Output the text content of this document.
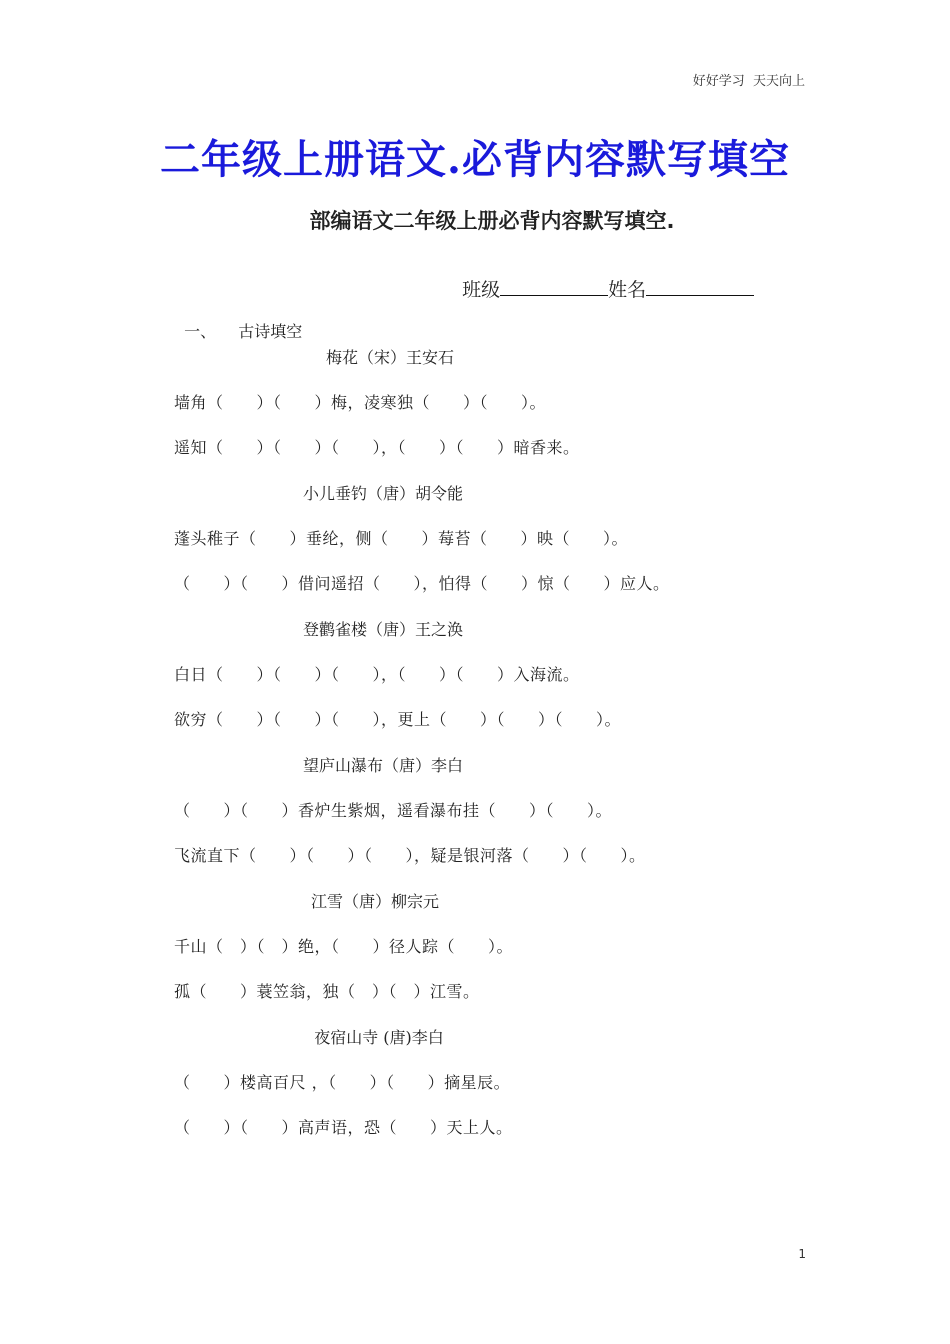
好好学习  天天向上
二年级上册语文.必背内容默写填空
部编语文二年级上册必背内容默写填空.

班级	姓名

一、 古诗填空

梅花（宋）王安石
墙角（　　）（　　）梅，凌寒独（　　）（　　）。
遥知（　　）（　　）（　　），（　　）（　　）暗香来。
小儿垂钓（唐）胡令能
蓬头稚子（　　）垂纶，侧（　　）莓苔（　　）映（　　）。
（　　）（　　）借问遥招（　　），怕得（　　）惊（　　）应人。
登鹳雀楼（唐）王之涣
白日（　　）（　　）（　　），（　　）（　　）入海流。
欲穷（　　）（　　）（　　），更上（　　）（　　）（　　）。
望庐山瀑布（唐）李白
（　　）（　　）香炉生紫烟，遥看瀑布挂（　　）（　　）。
飞流直下（　　）（　　）（　　），疑是银河落（　　）（　　）。
江雪（唐）柳宗元
千山（　）（　）绝，（　　）径人踪（　　）。
孤（　　）蓑笠翁，独（　）（　）江雪。
夜宿山寺 (唐)李白
（　　）楼高百尺 ，（　　）（　　）摘星辰。
（　　）（　　）高声语，恐（　　）天上人。
1
